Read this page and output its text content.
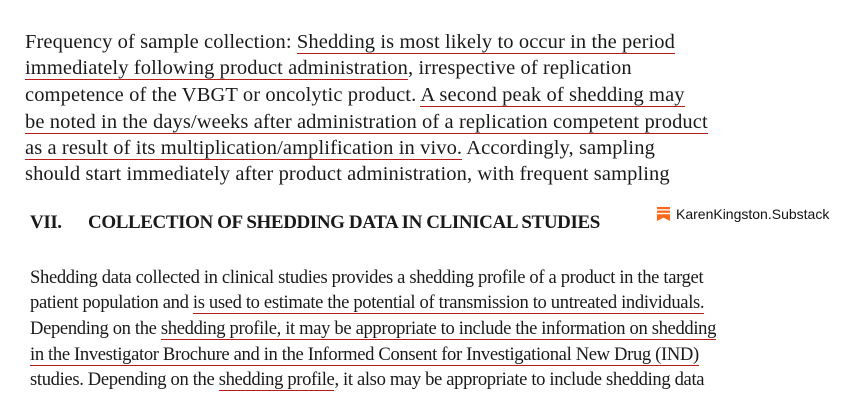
Frequency of sample collection: Shedding is most likely to occur in the period
immediately following product administration, irrespective of replication
competence of the VBGT or oncolytic product. A second peak of shedding may
be noted in the days/weeks after administration of a replication competent product
as a result of its multiplication/amplification in vivo. Accordingly, sampling
should start immediately after product administration, with frequent sampling
VII. COLLECTION OF SHEDDING DATA IN CLINICAL STUDIES	KarenKingston.Substack
Shedding data collected in clinical studies provides a shedding profile of a product in the target
patient population and is used to estimate the potential of transmission to untreated individuals.
Depending on the shedding profile, it may be appropriate to include the information on shedding
in the Investigator Brochure and in the Informed Consent for Investigational New Drug (IND)
studies. Depending on the shedding profile, it also may be appropriate to include shedding data
